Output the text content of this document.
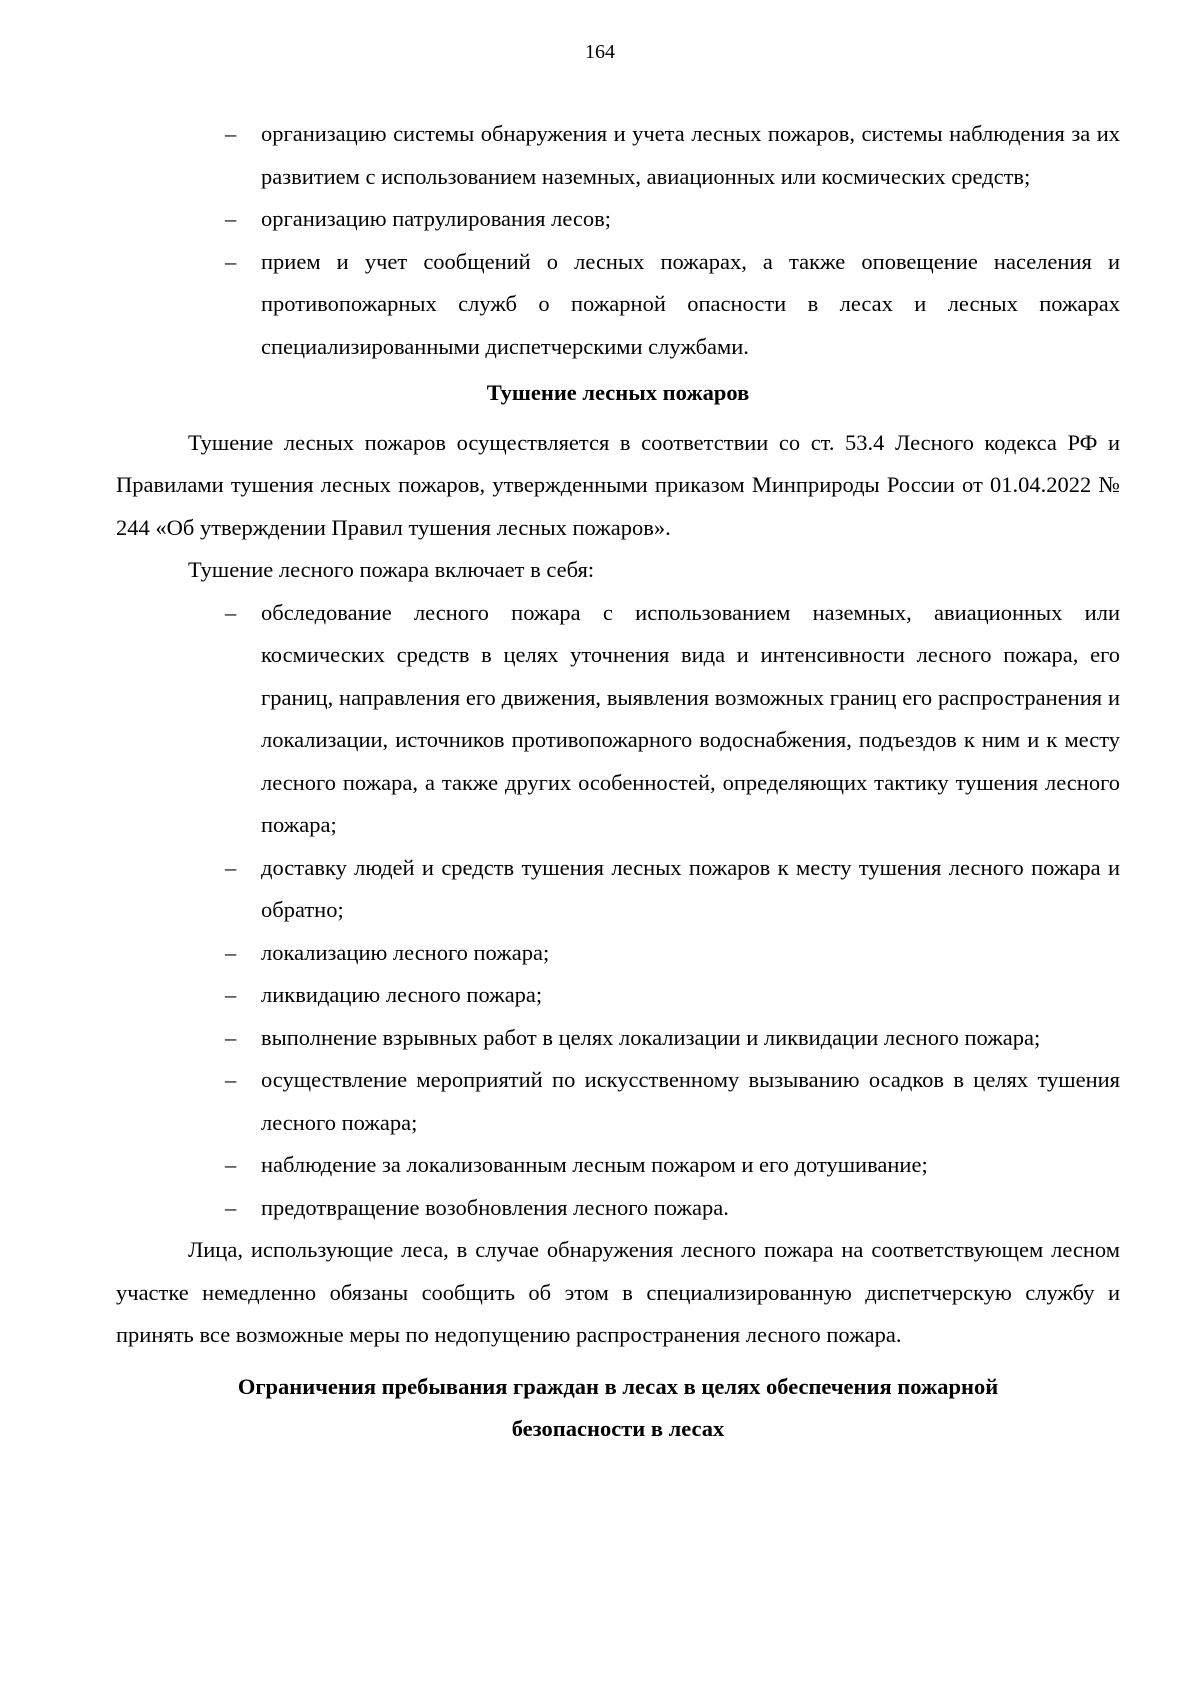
164
– организацию системы обнаружения и учета лесных пожаров, системы наблюдения за их развитием с использованием наземных, авиационных или космических средств;
– организацию патрулирования лесов;
– прием и учет сообщений о лесных пожарах, а также оповещение населения и противопожарных служб о пожарной опасности в лесах и лесных пожарах специализированными диспетчерскими службами.

Тушение лесных пожаров

Тушение лесных пожаров осуществляется в соответствии со ст. 53.4 Лесного кодекса РФ и Правилами тушения лесных пожаров, утвержденными приказом Минприроды России от 01.04.2022 № 244 «Об утверждении Правил тушения лесных пожаров».

Тушение лесного пожара включает в себя:

– обследование лесного пожара с использованием наземных, авиационных или космических средств в целях уточнения вида и интенсивности лесного пожара, его границ, направления его движения, выявления возможных границ его распространения и локализации, источников противопожарного водоснабжения, подъездов к ним и к месту лесного пожара, а также других особенностей, определяющих тактику тушения лесного пожара;
– доставку людей и средств тушения лесных пожаров к месту тушения лесного пожара и обратно;
– локализацию лесного пожара;
– ликвидацию лесного пожара;
– выполнение взрывных работ в целях локализации и ликвидации лесного пожара;
– осуществление мероприятий по искусственному вызыванию осадков в целях тушения лесного пожара;
– наблюдение за локализованным лесным пожаром и его дотушивание;
– предотвращение возобновления лесного пожара.

Лица, использующие леса, в случае обнаружения лесного пожара на соответствующем лесном участке немедленно обязаны сообщить об этом в специализированную диспетчерскую службу и принять все возможные меры по недопущению распространения лесного пожара.

Ограничения пребывания граждан в лесах в целях обеспечения пожарной безопасности в лесах
